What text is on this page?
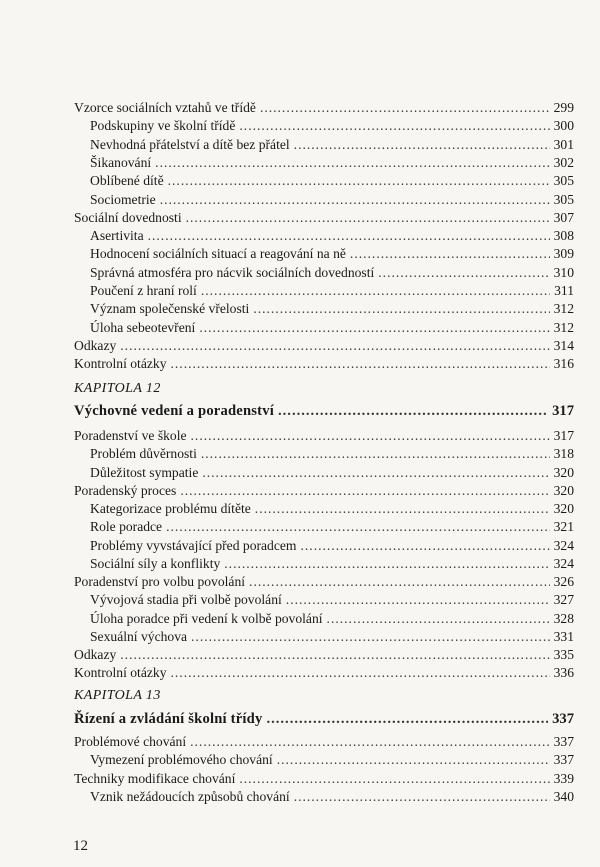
Vzorce sociálních vztahů ve třídě .....	299
Podskupiny ve školní třídě .....	300
Nevhodná přátelství a dítě bez přátel .....	301
Šikanování .....	302
Oblíbené dítě .....	305
Sociometrie .....	305
Sociální dovednosti .....	307
Asertivita .....	308
Hodnocení sociálních situací a reagování na ně .....	309
Správná atmosféra pro nácvik sociálních dovedností .....	310
Poučení z hraní rolí .....	311
Význam společenské vřelosti .....	312
Úloha sebeotevření .....	312
Odkazy .....	314
Kontrolní otázky .....	316
KAPITOLA 12
Výchovné vedení a poradenství .....	317
Poradenství ve škole .....	317
Problém důvěrnosti .....	318
Důležitost sympatie .....	320
Poradenský proces .....	320
Kategorizace problému dítěte .....	320
Role poradce .....	321
Problémy vyvstávající před poradcem .....	324
Sociální síly a konflikty .....	324
Poradenství pro volbu povolání .....	326
Vývojová stadia při volbě povolání .....	327
Úloha poradce při vedení k volbě povolání .....	328
Sexuální výchova .....	331
Odkazy .....	335
Kontrolní otázky .....	336
KAPITOLA 13
Řízení a zvládání školní třídy .....	337
Problémové chování .....	337
Vymezení problémového chování .....	337
Techniky modifikace chování .....	339
Vznik nežádoucích způsobů chování .....	340
12
